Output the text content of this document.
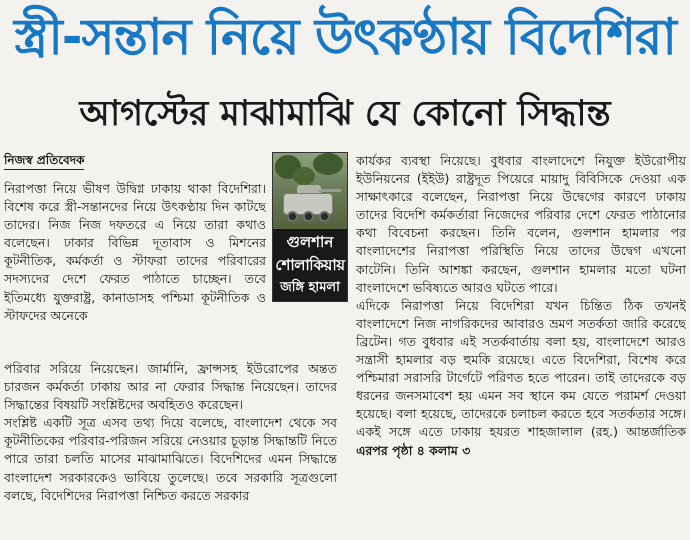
স্ত্রী-সন্তান নিয়ে উৎকণ্ঠায় বিদেশিরা
আগস্টের মাঝামাঝি যে কোনো সিদ্ধান্ত
নিজস্ব প্রতিবেদক

নিরাপত্তা নিয়ে ভীষণ উদ্বিগ্ন ঢাকায় থাকা বিদেশিরা। বিশেষ করে স্ত্রী-সন্তানদের নিয়ে উৎকণ্ঠায় দিন কাটছে তাদের। নিজ নিজ দফতরে এ নিয়ে তারা কথাও বলেছেন। ঢাকার বিভিন্ন দূতাবাস ও মিশনের কূটনীতিক, কর্মকর্তা ও স্টাফরা তাদের পরিবারের সদস্যদের দেশে ফেরত পাঠাতে চাচ্ছেন। তবে ইতিমধ্যে যুক্তরাষ্ট্র, কানাডাসহ পশ্চিমা কূটনীতিক ও স্টাফদের অনেকে

পরিবার সরিয়ে নিয়েছেন। জার্মানি, ফ্রান্সসহ ইউরোপের অন্তত চারজন কর্মকর্তা ঢাকায় আর না ফেরার সিদ্ধান্ত নিয়েছেন। তাদের সিদ্ধান্তের বিষয়টি সংশ্লিষ্টদের অবহিতও করেছেন।

সংশ্লিষ্ট একটি সূত্র এসব তথ্য দিয়ে বলেছে, বাংলাদেশ থেকে সব কূটনীতিকের পরিবার-পরিজন সরিয়ে নেওয়ার চূড়ান্ত সিদ্ধান্তটি নিতে পারে তারা চলতি মাসের মাঝামাঝিতে। বিদেশিদের এমন সিদ্ধান্তে বাংলাদেশ সরকারকেও ভাবিয়ে তুলেছে। তবে সরকারি সূত্রগুলো বলছে, বিদেশিদের নিরাপত্তা নিশ্চিত করতে সরকার

গুলশান
শোলাকিয়ায়
জঙ্গি হামলা

কার্যকর ব্যবস্থা নিয়েছে। বুধবার বাংলাদেশে নিযুক্ত ইউরোপীয় ইউনিয়নের (ইইউ) রাষ্ট্রদূত পিয়েরে মায়াদু বিবিসিকে দেওয়া এক সাক্ষাৎকারে বলেছেন, নিরাপত্তা নিয়ে উদ্বেগের কারণে ঢাকায় তাদের বিদেশি কর্মকর্তারা নিজেদের পরিবার দেশে ফেরত পাঠানোর কথা বিবেচনা করছেন। তিনি বলেন, গুলশান হামলার পর বাংলাদেশের নিরাপত্তা পরিস্থিতি নিয়ে তাদের উদ্বেগ এখনো কাটেনি। তিনি আশঙ্কা করছেন, গুলশান হামলার মতো ঘটনা বাংলাদেশে ভবিষ্যতে আরও ঘটতে পারে।

এদিকে নিরাপত্তা নিয়ে বিদেশিরা যখন চিন্তিত ঠিক তখনই বাংলাদেশে নিজ নাগরিকদের আবারও ভ্রমণ সতর্কতা জারি করেছে ব্রিটেন। গত বুধবার এই সতর্কবার্তায় বলা হয়, বাংলাদেশে আরও সন্ত্রাসী হামলার বড় হুমকি রয়েছে। এতে বিদেশিরা, বিশেষ করে পশ্চিমারা সরাসরি টার্গেটে পরিণত হতে পারেন। তাই তাদেরকে বড় ধরনের জনসমাবেশ হয় এমন সব স্থানে কম যেতে পরামর্শ দেওয়া হয়েছে। বলা হয়েছে, তাদেরকে চলাচল করতে হবে সতর্কতার সঙ্গে। একই সঙ্গে এতে ঢাকায় হযরত শাহজালাল (রহ.) আন্তর্জাতিক এরপর পৃষ্ঠা ৪ কলাম ৩
